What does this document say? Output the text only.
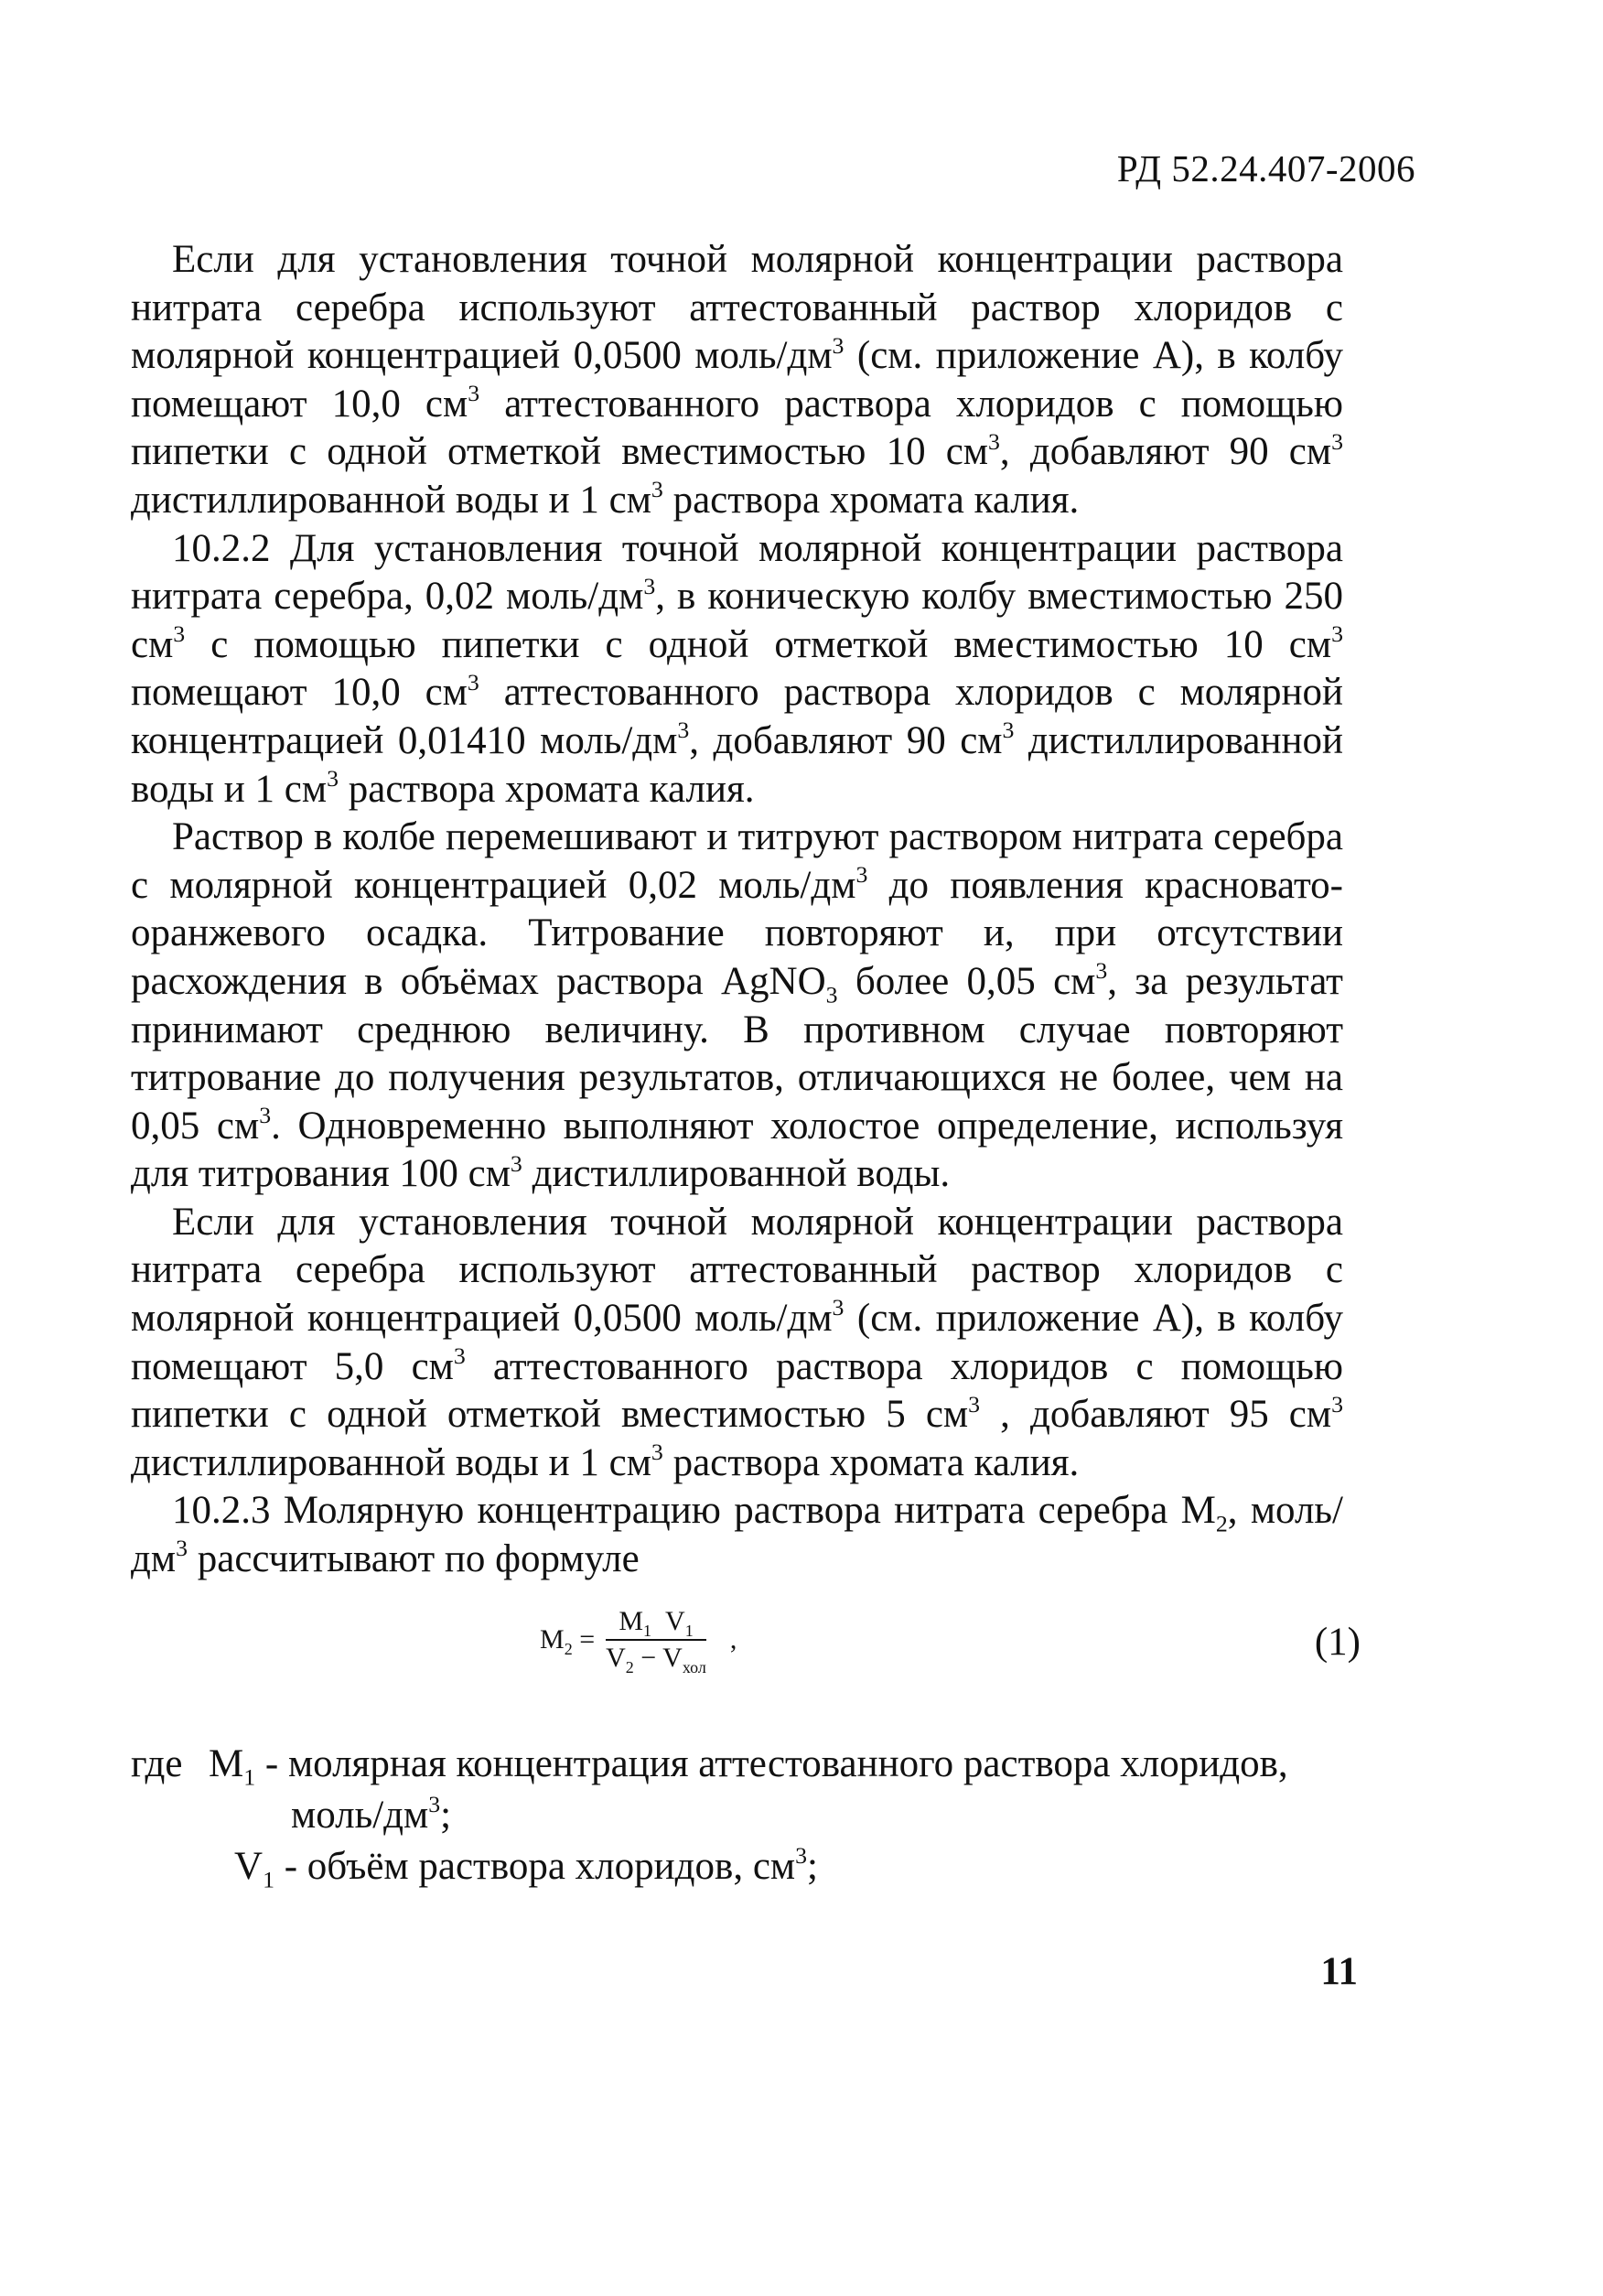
РД 52.24.407-2006

Если для установления точной молярной концентрации раствора нитрата серебра используют аттестованный раствор хлоридов с молярной концентрацией 0,0500 моль/$дм^3$ (см. приложение А), в колбу помещают 10,0 $см^3$ аттестованного раствора хлоридов с помощью пипетки с одной отметкой вместимостью 10 $см^3$, добавляют 90 $см^3$ дистиллированной воды и 1 $см^3$ раствора хромата калия.

10.2.2 Для установления точной молярной концентрации раствора нитрата серебра, 0,02 моль/$дм^3$, в коническую колбу вместимостью 250 $см^3$ с помощью пипетки с одной отметкой вместимостью 10 $см^3$ помещают 10,0 $см^3$ аттестованного раствора хлоридов с молярной концентрацией 0,01410 моль/$дм^3$, добавляют 90 $см^3$ дистиллированной воды и 1 $см^3$ раствора хромата калия.

Раствор в колбе перемешивают и титруют раствором нитрата серебра с молярной концентрацией 0,02 моль/$дм^3$ до появления красновато-оранжевого осадка. Титрование повторяют и, при отсутствии расхождения в объёмах раствора AgNO$_3$ более 0,05 $см^3$, за результат принимают среднюю величину. В противном случае повторяют титрование до получения результатов, отличающихся не более, чем на 0,05 $см^3$. Одновременно выполняют холостое определение, используя для титрования 100 $см^3$ дистиллированной воды.

Если для установления точной молярной концентрации раствора нитрата серебра используют аттестованный раствор хлоридов с молярной концентрацией 0,0500 моль/$дм^3$ (см. приложение А), в колбу помещают 5,0 $см^3$ аттестованного раствора хлоридов с помощью пипетки с одной отметкой вместимостью 5 $см^3$ , добавляют 95 $см^3$ дистиллированной воды и 1 $см^3$ раствора хромата калия.

10.2.3 Молярную концентрацию раствора нитрата серебра $M_2$, моль/$дм^3$ рассчитывают по формуле

$M_2 = \frac{M_1 V_1}{V_2 - V_{хол}}$ ,	(1)
где $M_1$ - молярная концентрация аттестованного раствора хлоридов,
моль/$дм^3$;
$V_1$ - объём раствора хлоридов, $см^3$;
11
